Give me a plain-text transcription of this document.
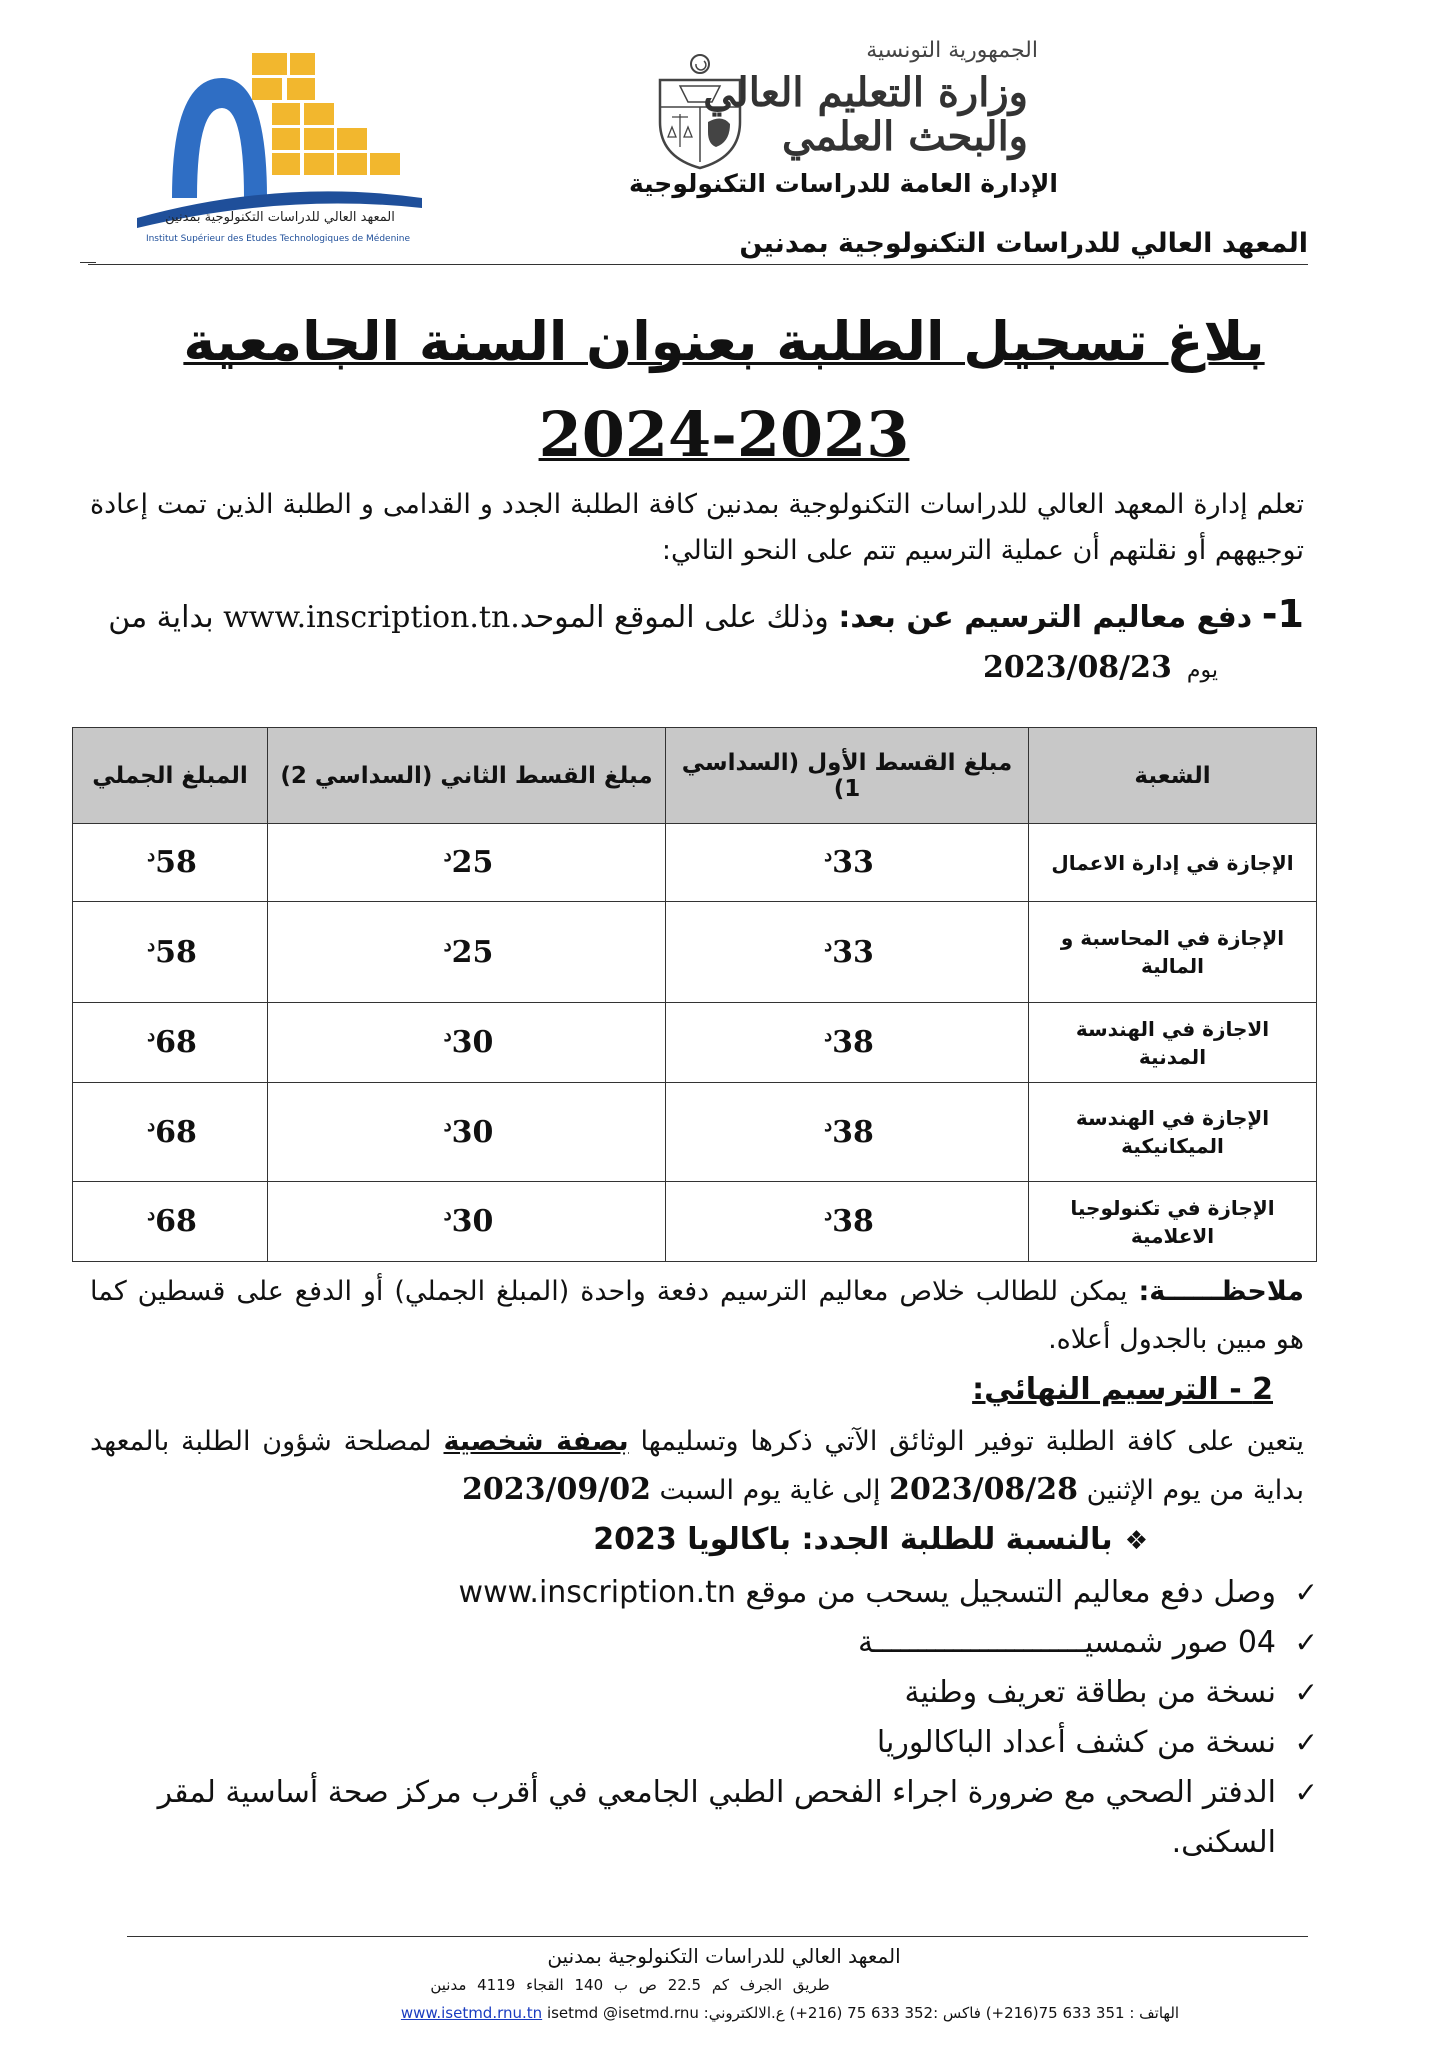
المعهد العالي للدراسات التكنولوجية بمدنين
Institut Supérieur des Etudes Technologiques de Médenine
الجمهورية التونسية
وزارة التعليم العالي
والبحث العلمي
الإدارة العامة للدراسات التكنولوجية
المعهد العالي للدراسات التكنولوجية بمدنين
بلاغ تسجيل الطلبة بعنوان السنة الجامعية
2024-2023
تعلم إدارة المعهد العالي للدراسات التكنولوجية بمدنين كافة الطلبة الجدد و القدامى و الطلبة الذين تمت إعادة توجيههم أو نقلتهم أن عملية الترسيم تتم على النحو التالي:
1- دفع معاليم الترسيم عن بعد: وذلك على الموقع الموحدwww.inscription.tn. بداية من
يوم 2023/08/23
الشعبة	مبلغ القسط الأول (السداسي 1)	مبلغ القسط الثاني (السداسي 2)	المبلغ الجملي
الإجازة في إدارة الاعمال	$33^د$	$25^د$	$58^د$
الإجازة في المحاسبة و المالية	$33^د$	$25^د$	$58^د$
الاجازة في الهندسة المدنية	$38^د$	$30^د$	$68^د$
الإجازة في الهندسة الميكانيكية	$38^د$	$30^د$	$68^د$
الإجازة في تكنولوجيا الاعلامية	$38^د$	$30^د$	$68^د$
ملاحظــــــة: يمكن للطالب خلاص معاليم الترسيم دفعة واحدة (المبلغ الجملي) أو الدفع على قسطين كما هو مبين بالجدول أعلاه.
2 - الترسيم النهائي:
يتعين على كافة الطلبة توفير الوثائق الآتي ذكرها وتسليمها بصفة شخصية لمصلحة شؤون الطلبة بالمعهد بداية من يوم الإثنين 2023/08/28 إلى غاية يوم السبت 2023/09/02
❖بالنسبة للطلبة الجدد: باكالويا 2023
✓
وصل دفع معاليم التسجيل يسحب من موقع www.inscription.tn
✓
04 صور شمسيــــــــــــــــــــــــة
✓
نسخة من بطاقة تعريف وطنية
✓
نسخة من كشف أعداد الباكالوريا
✓
الدفتر الصحي مع ضرورة اجراء الفحص الطبي الجامعي في أقرب مركز صحة أساسية لمقر السكنى.
المعهد العالي للدراسات التكنولوجية بمدنين
طريق الجرف كم 22.5 ص ب 140 القجاء 4119 مدنين
الهاتف : 351 633 75(216+) فاكس :352 633 75 (216+) ع.الالكتروني: www.isetmd.rnu.tn isetmd @isetmd.rnu
